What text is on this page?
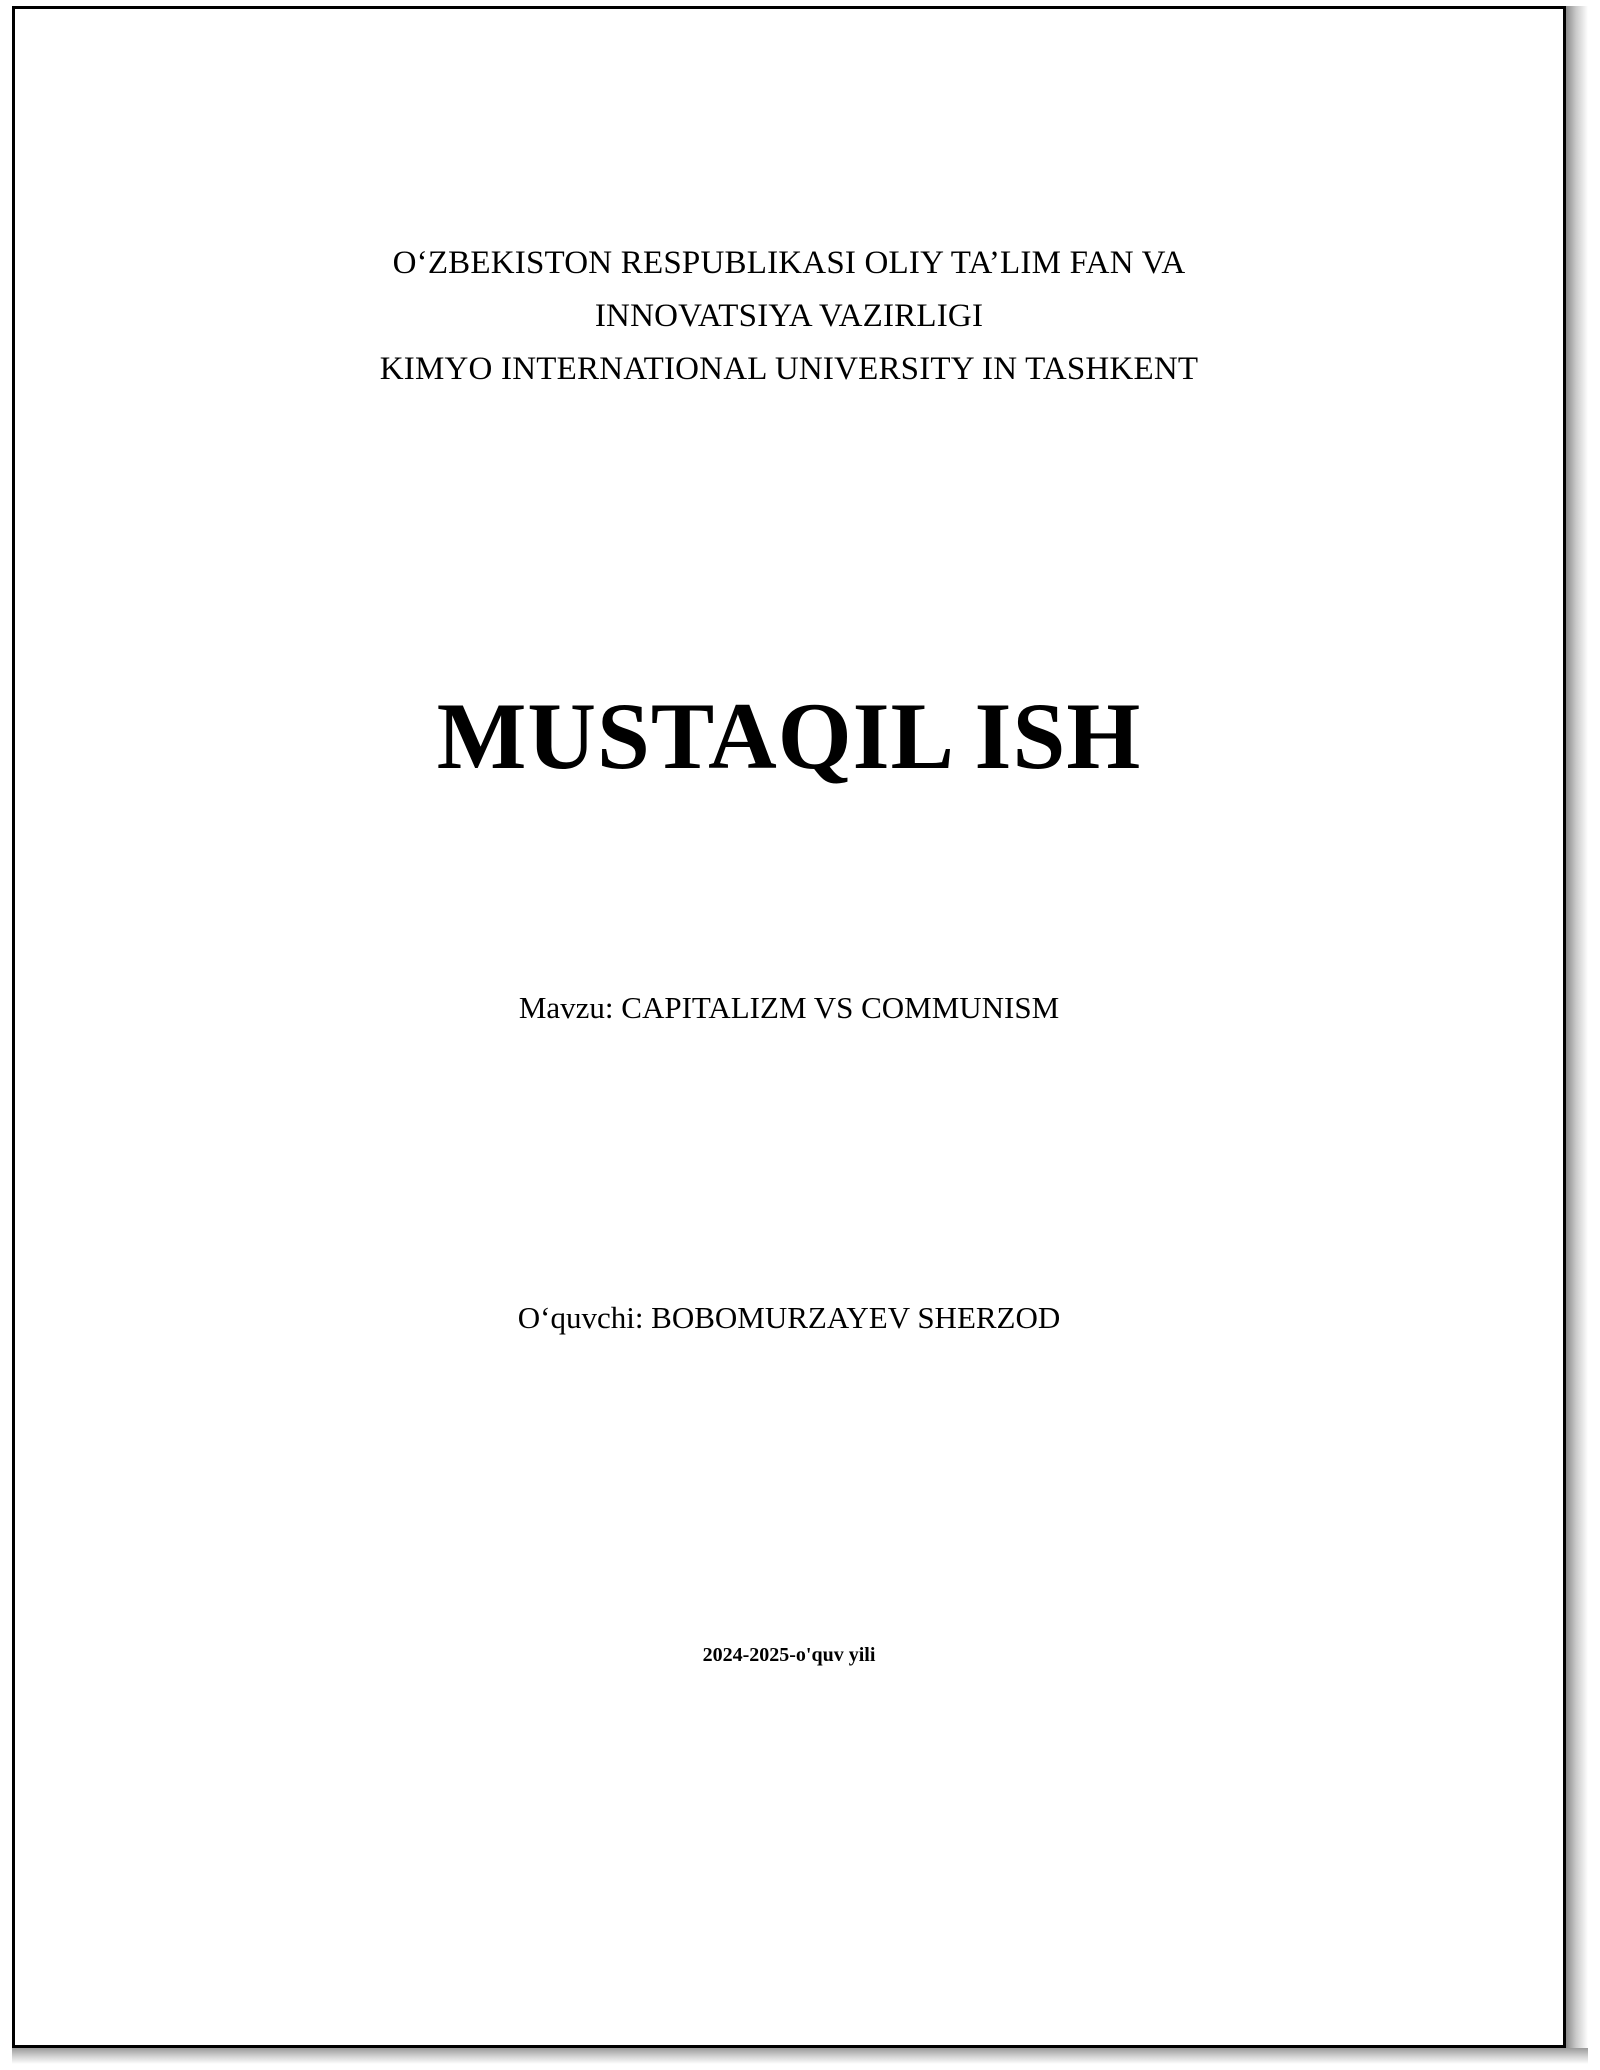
O‘ZBEKISTON RESPUBLIKASI OLIY TA’LIM FAN VA
INNOVATSIYA VAZIRLIGI
KIMYO INTERNATIONAL UNIVERSITY IN TASHKENT
MUSTAQIL ISH
Mavzu: CAPITALIZM VS COMMUNISM
O‘quvchi: BOBOMURZAYEV SHERZOD
2024-2025-o'quv yili
